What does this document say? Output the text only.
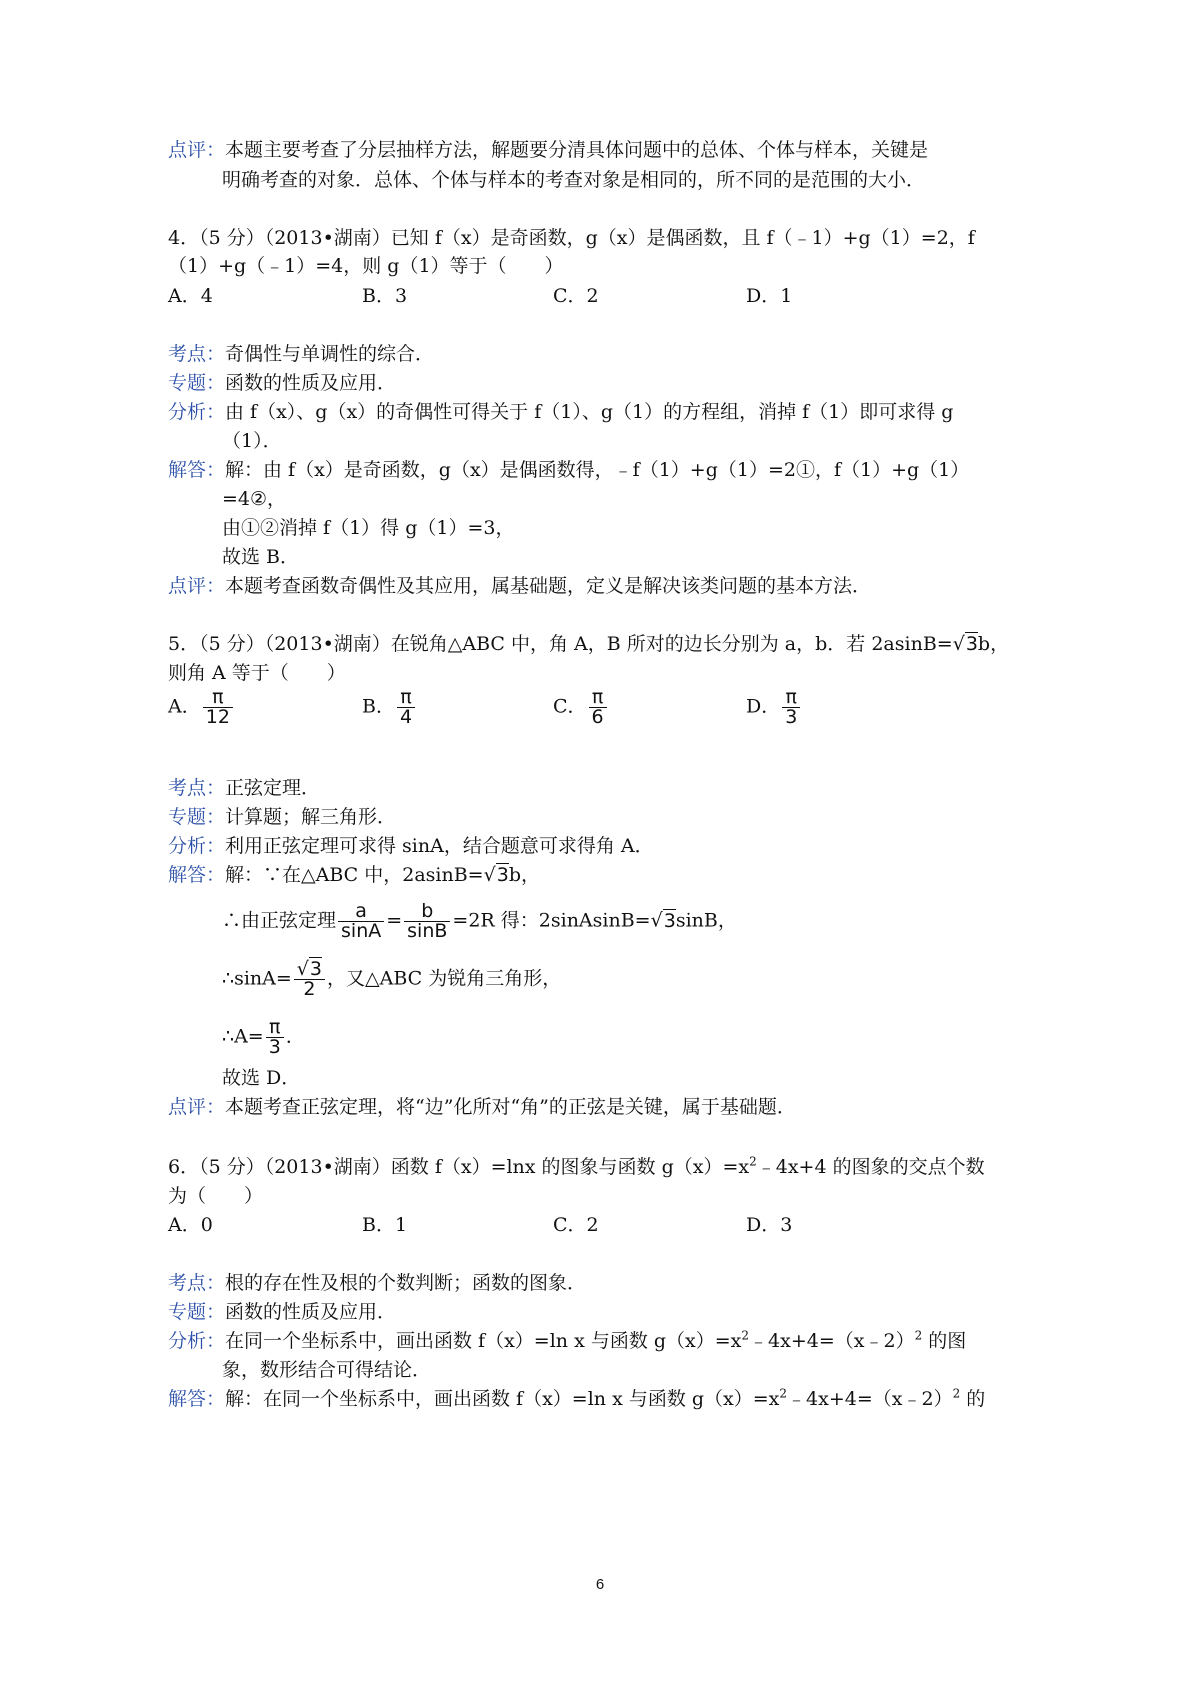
点评：本题主要考查了分层抽样方法，解题要分清具体问题中的总体、个体与样本，关键是
明确考查的对象．总体、个体与样本的考查对象是相同的，所不同的是范围的大小．
4．（5 分）（2013•湖南）已知 f（x）是奇函数，g（x）是偶函数，且 f（﹣1）+g（1）=2，f
（1）+g（﹣1）=4，则 g（1）等于（　　）
A．4	B．3	C．2	D．1
考点：奇偶性与单调性的综合．
专题：函数的性质及应用．
分析：由 f（x）、g（x）的奇偶性可得关于 f（1）、g（1）的方程组，消掉 f（1）即可求得 g
（1）．
解答：解：由 f（x）是奇函数，g（x）是偶函数得，﹣f（1）+g（1）=2①，f（1）+g（1）
=4②，
由①②消掉 f（1）得 g（1）=3，
故选 B．
点评：本题考查函数奇偶性及其应用，属基础题，定义是解决该类问题的基本方法．
5．（5 分）（2013•湖南）在锐角△ABC 中，角 A，B 所对的边长分别为 a，b．若 2asinB=√3b，
则角 A 等于（　　）
A． $\frac{\pi}{12}$	B． $\frac{\pi}{4}$	C． $\frac{\pi}{6}$	D． $\frac{\pi}{3}$
考点：正弦定理．
专题：计算题；解三角形．
分析：利用正弦定理可求得 sinA，结合题意可求得角 A．
解答：解：∵在△ABC 中，2asinB=√3b，
∴由正弦定理 $\frac{a}{\sin A} = \frac{b}{\sin B} =2R$ 得：2sinAsinB=√3sinB，
∴sinA= $\frac{√3}{2}$ ，又△ABC 为锐角三角形，
∴A= $\frac{\pi}{3}$ ．
故选 D．
点评：本题考查正弦定理，将“边”化所对“角”的正弦是关键，属于基础题．
6．（5 分）（2013•湖南）函数 f（x）=lnx 的图象与函数 $g(x)=x^2﹣4x+4$ 的图象的交点个数
为（　　）
A．0	B．1	C．2	D．3
考点：根的存在性及根的个数判断；函数的图象．
专题：函数的性质及应用．
分析：在同一个坐标系中，画出函数 f（x）=ln x 与函数 $g(x)=x^2﹣4x+4=(x﹣2)^2$ 的图
象，数形结合可得结论．
解答：解：在同一个坐标系中，画出函数 f（x）=ln x 与函数 $g(x)=x^2﹣4x+4=(x﹣2)^2$ 的
6
